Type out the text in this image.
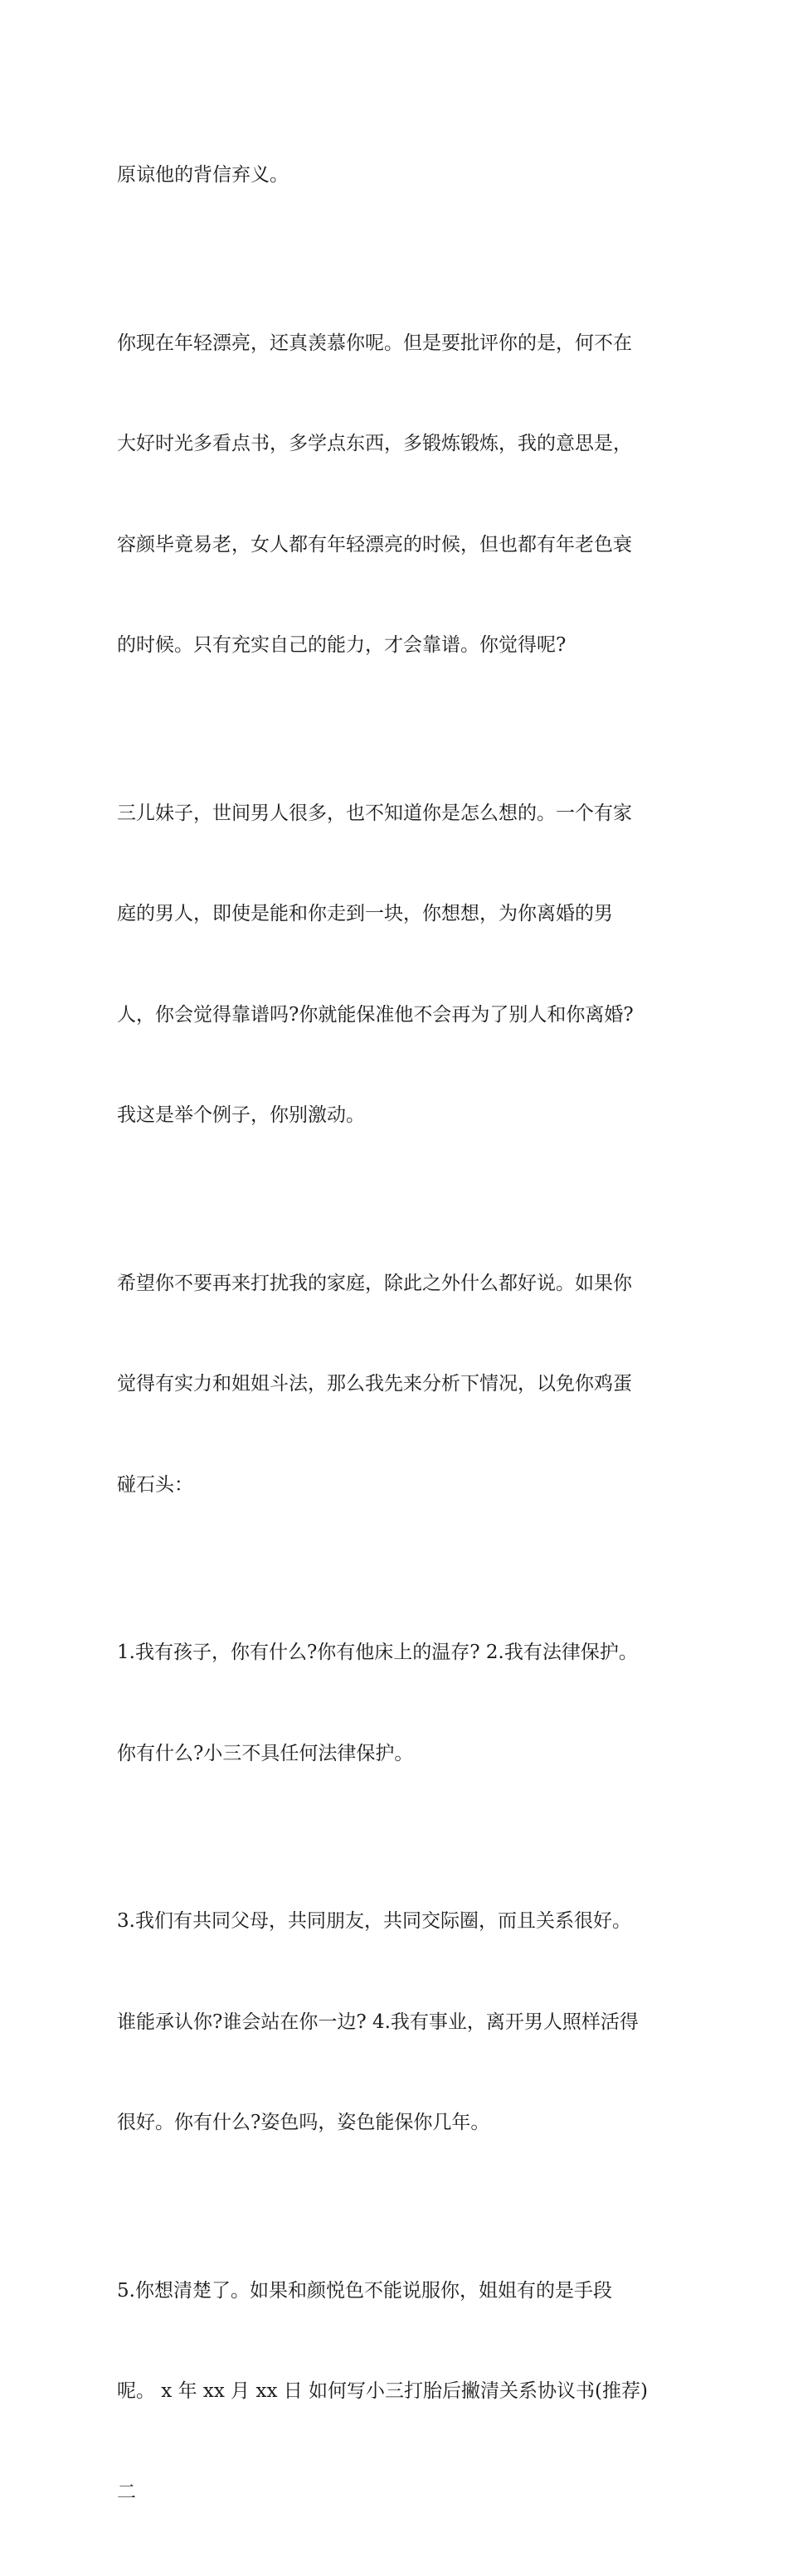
原谅他的背信弃义。

你现在年轻漂亮，还真羡慕你呢。但是要批评你的是，何不在

大好时光多看点书，多学点东西，多锻炼锻炼，我的意思是，

容颜毕竟易老，女人都有年轻漂亮的时候，但也都有年老色衰

的时候。只有充实自己的能力，才会靠谱。你觉得呢?

三儿妹子，世间男人很多，也不知道你是怎么想的。一个有家

庭的男人，即使是能和你走到一块，你想想，为你离婚的男

人，你会觉得靠谱吗?你就能保准他不会再为了别人和你离婚?

我这是举个例子，你别激动。

希望你不要再来打扰我的家庭，除此之外什么都好说。如果你

觉得有实力和姐姐斗法，那么我先来分析下情况，以免你鸡蛋

碰石头：

1.我有孩子，你有什么?你有他床上的温存? 2.我有法律保护。

你有什么?小三不具任何法律保护。

3.我们有共同父母，共同朋友，共同交际圈，而且关系很好。

谁能承认你?谁会站在你一边? 4.我有事业，离开男人照样活得

很好。你有什么?姿色吗，姿色能保你几年。

5.你想清楚了。如果和颜悦色不能说服你，姐姐有的是手段

呢。 x 年 xx 月 xx 日 如何写小三打胎后撇清关系协议书(推荐)

二
